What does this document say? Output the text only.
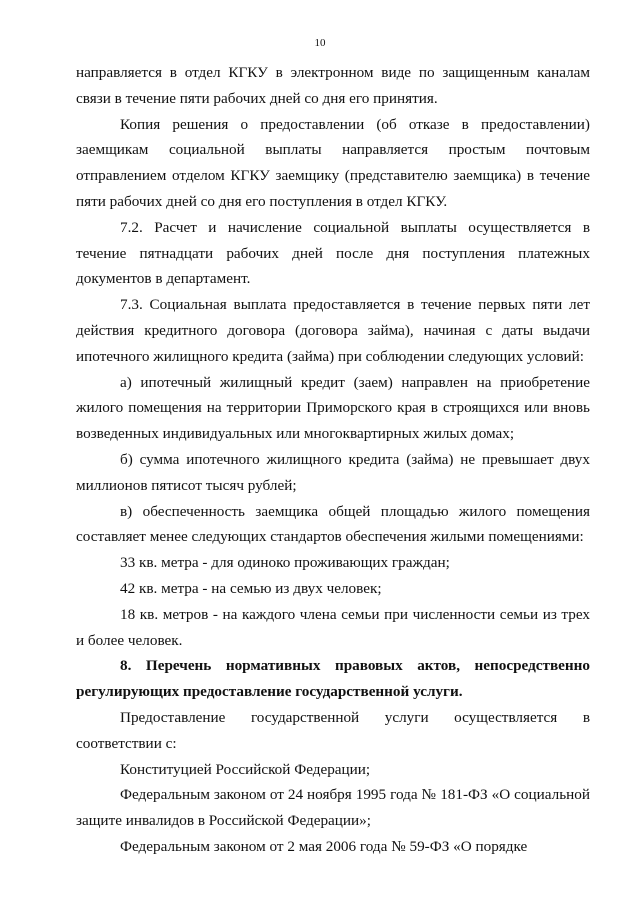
10

направляется в отдел КГКУ в электронном виде по защищенным каналам связи в течение пяти рабочих дней со дня его принятия.

Копия решения о предоставлении (об отказе в предоставлении) заемщикам социальной выплаты направляется простым почтовым отправлением отделом КГКУ заемщику (представителю заемщика) в течение пяти рабочих дней со дня его поступления в отдел КГКУ.

7.2. Расчет и начисление социальной выплаты осуществляется в течение пятнадцати рабочих дней после дня поступления платежных документов в департамент.

7.3. Социальная выплата предоставляется в течение первых пяти лет действия кредитного договора (договора займа), начиная с даты выдачи ипотечного жилищного кредита (займа) при соблюдении следующих условий:

а) ипотечный жилищный кредит (заем) направлен на приобретение жилого помещения на территории Приморского края в строящихся или вновь возведенных индивидуальных или многоквартирных жилых домах;

б) сумма ипотечного жилищного кредита (займа) не превышает двух миллионов пятисот тысяч рублей;

в) обеспеченность заемщика общей площадью жилого помещения составляет менее следующих стандартов обеспечения жилыми помещениями:

33 кв. метра - для одиноко проживающих граждан;

42 кв. метра - на семью из двух человек;

18 кв. метров - на каждого члена семьи при численности семьи из трех и более человек.

8. Перечень нормативных правовых актов, непосредственно регулирующих предоставление государственной услуги.

Предоставление государственной услуги осуществляется в соответствии с:

Конституцией Российской Федерации;

Федеральным законом от 24 ноября 1995 года № 181-ФЗ «О социальной защите инвалидов в Российской Федерации»;

Федеральным законом от 2 мая 2006 года № 59-ФЗ «О порядке
